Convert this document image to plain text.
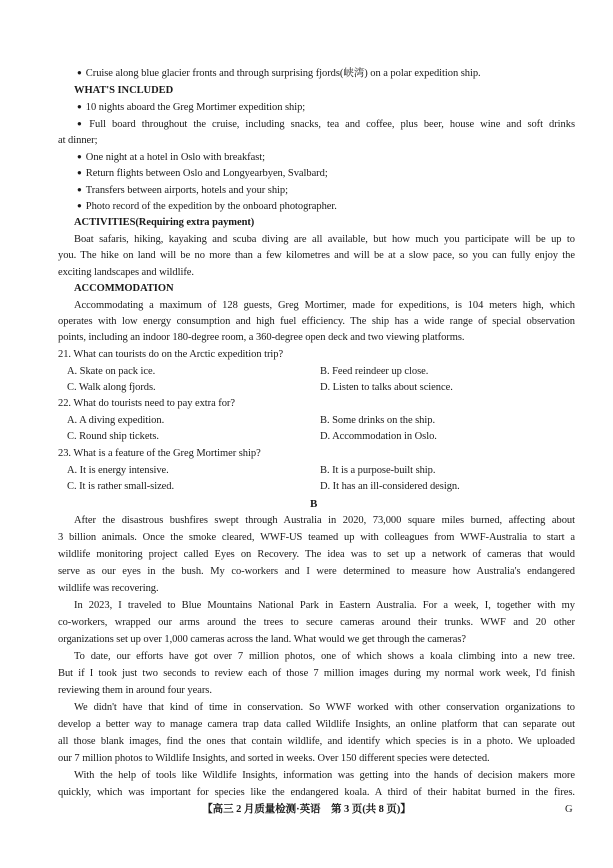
● Cruise along blue glacier fronts and through surprising fjords(峡湾) on a polar expedition ship.

WHAT'S INCLUDED

● 10 nights aboard the Greg Mortimer expedition ship;

● Full board throughout the cruise, including snacks, tea and coffee, plus beer, house wine and soft drinks

at dinner;

● One night at a hotel in Oslo with breakfast;

● Return flights between Oslo and Longyearbyen, Svalbard;

● Transfers between airports, hotels and your ship;

● Photo record of the expedition by the onboard photographer.

ACTIVITIES(Requiring extra payment)

Boat safaris, hiking, kayaking and scuba diving are all available, but how much you participate will be up to

you. The hike on land will be no more than a few kilometres and will be at a slow pace, so you can fully enjoy the

exciting landscapes and wildlife.

ACCOMMODATION

Accommodating a maximum of 128 guests, Greg Mortimer, made for expeditions, is 104 meters high, which

operates with low energy consumption and high fuel efficiency. The ship has a wide range of special observation

points, including an indoor 180-degree room, a 360-degree open deck and two viewing platforms.

21. What can tourists do on the Arctic expedition trip?

A. Skate on pack ice.	B. Feed reindeer up close.

C. Walk along fjords.	D. Listen to talks about science.

22. What do tourists need to pay extra for?

A. A diving expedition.	B. Some drinks on the ship.

C. Round ship tickets.	D. Accommodation in Oslo.

23. What is a feature of the Greg Mortimer ship?

A. It is energy intensive.	B. It is a purpose-built ship.

C. It is rather small-sized.	D. It has an ill-considered design.

B

After the disastrous bushfires swept through Australia in 2020, 73,000 square miles burned, affecting about

3 billion animals. Once the smoke cleared, WWF-US teamed up with colleagues from WWF-Australia to start a

wildlife monitoring project called Eyes on Recovery. The idea was to set up a network of cameras that would

serve as our eyes in the bush. My co-workers and I were determined to measure how Australia's endangered

wildlife was recovering.

In 2023, I traveled to Blue Mountains National Park in Eastern Australia. For a week, I, together with my

co-workers, wrapped our arms around the trees to secure cameras around their trunks. WWF and 20 other

organizations set up over 1,000 cameras across the land. What would we get through the cameras?

To date, our efforts have got over 7 million photos, one of which shows a koala climbing into a new tree.

But if I took just two seconds to review each of those 7 million images during my normal work week, I'd finish

reviewing them in around four years.

We didn't have that kind of time in conservation. So WWF worked with other conservation organizations to

develop a better way to manage camera trap data called Wildlife Insights, an online platform that can separate out

all those blank images, find the ones that contain wildlife, and identify which species is in a photo. We uploaded

our 7 million photos to Wildlife Insights, and sorted in weeks. Over 150 different species were detected.

With the help of tools like Wildlife Insights, information was getting into the hands of decision makers more

quickly, which was important for species like the endangered koala. A third of their habitat burned in the fires.

【高三 2 月质量检测·英语　第 3 页(共 8 页)】	G
